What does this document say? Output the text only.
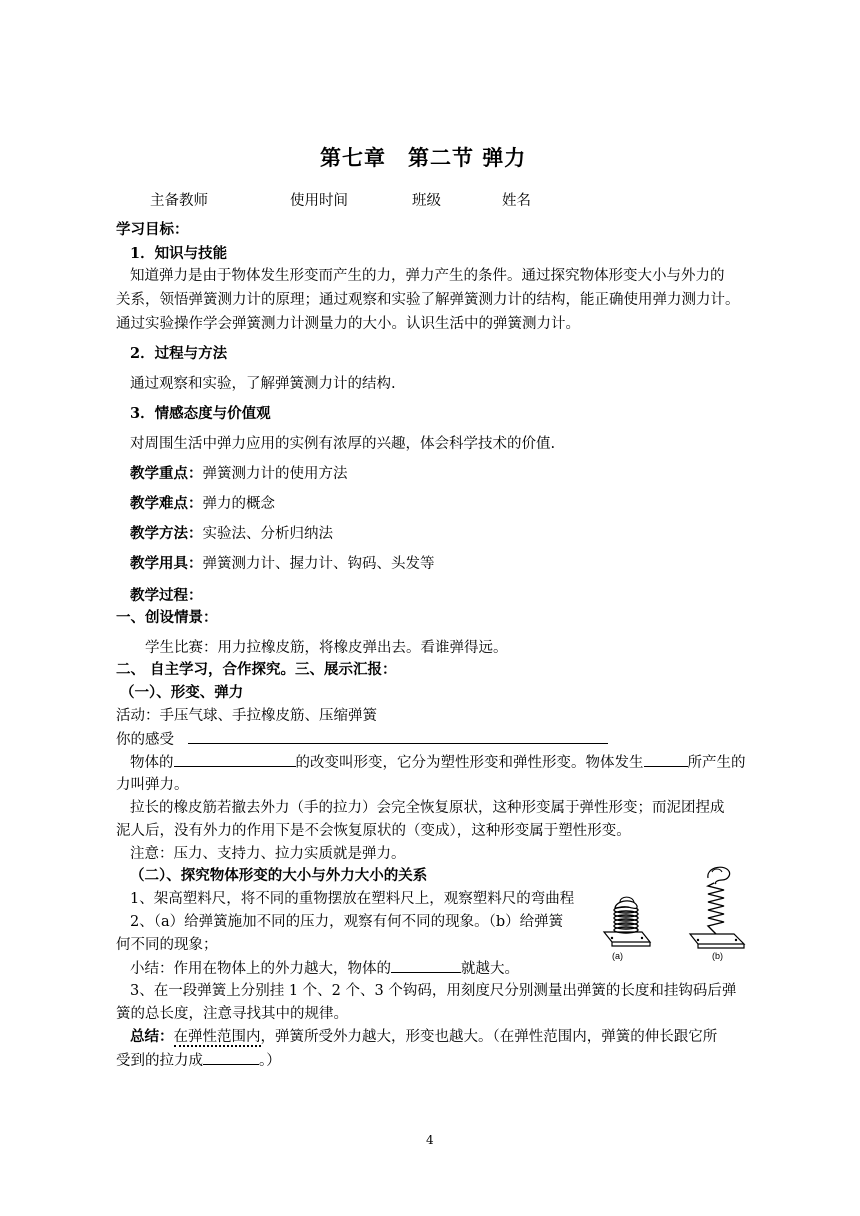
第七章　第二节 弹力
主备教师	使用时间	班级	姓名
学习目标：
1．知识与技能
知道弹力是由于物体发生形变而产生的力，弹力产生的条件。通过探究物体形变大小与外力的
关系，领悟弹簧测力计的原理；通过观察和实验了解弹簧测力计的结构，能正确使用弹力测力计。
通过实验操作学会弹簧测力计测量力的大小。认识生活中的弹簧测力计。
2．过程与方法
通过观察和实验，了解弹簧测力计的结构.
3．情感态度与价值观
对周围生活中弹力应用的实例有浓厚的兴趣，体会科学技术的价值.
教学重点：弹簧测力计的使用方法
教学难点：弹力的概念
教学方法：实验法、分析归纳法
教学用具：弹簧测力计、握力计、钩码、头发等
教学过程：
一、创设情景：
学生比赛：用力拉橡皮筋，将橡皮弹出去。看谁弹得远。
二、 自主学习，合作探究。三、展示汇报：
（一）、形变、弹力
活动：手压气球、手拉橡皮筋、压缩弹簧
你的感受
物体的	的改变叫形变，它分为塑性形变和弹性形变。物体发生	所产生的
力叫弹力。
拉长的橡皮筋若撤去外力（手的拉力）会完全恢复原状，这种形变属于弹性形变；而泥团捏成
泥人后，没有外力的作用下是不会恢复原状的（变成），这种形变属于塑性形变。
注意：压力、支持力、拉力实质就是弹力。
（二）、探究物体形变的大小与外力大小的关系
1、架高塑料尺，将不同的重物摆放在塑料尺上，观察塑料尺的弯曲程
2、（a）给弹簧施加不同的压力，观察有何不同的现象。（b）给弹簧
何不同的现象；
小结：作用在物体上的外力越大，物体的	就越大。
3、在一段弹簧上分别挂 1 个、2 个、3 个钩码，用刻度尺分别测量出弹簧的长度和挂钩码后弹
簧的总长度，注意寻找其中的规律。
总结：在弹性范围内，弹簧所受外力越大，形变也越大。（在弹性范围内，弹簧的伸长跟它所
受到的拉力成	。）
(a)	(b)
4
